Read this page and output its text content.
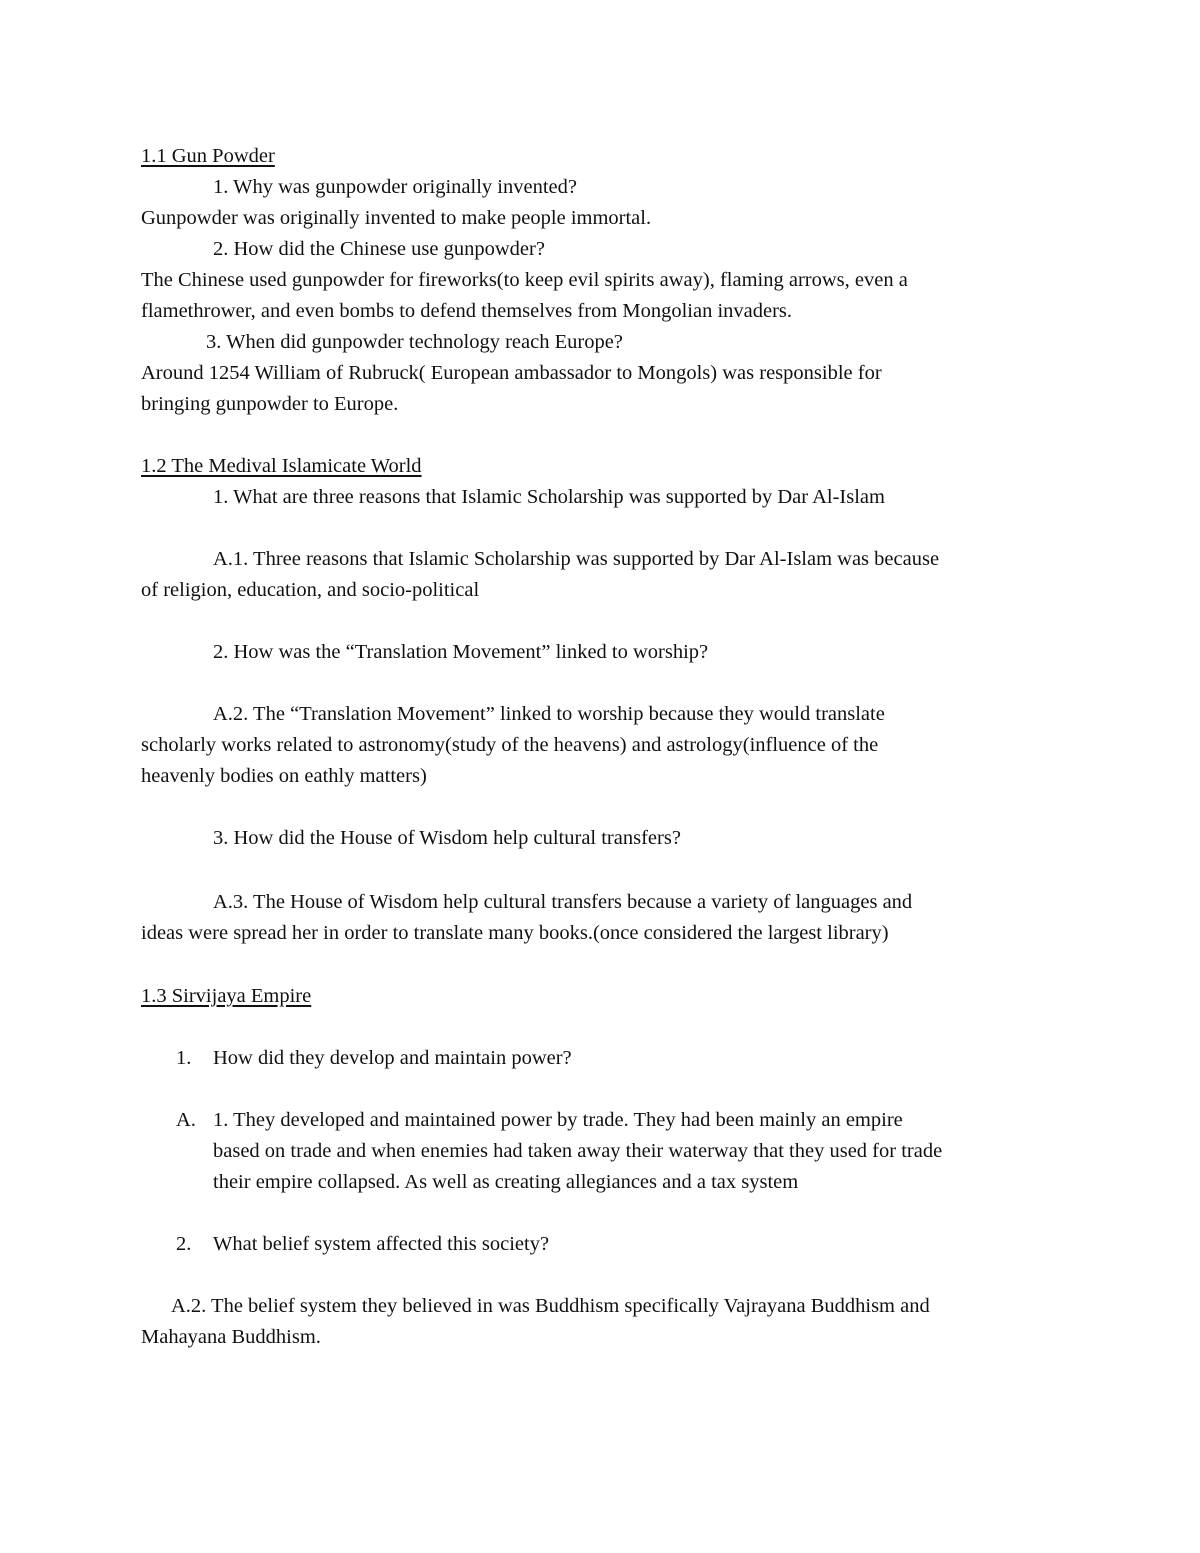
1.1 Gun Powder
1. Why was gunpowder originally invented?
Gunpowder was originally invented to make people immortal.
2. How did the Chinese use gunpowder?
The Chinese used gunpowder for fireworks(to keep evil spirits away), flaming arrows, even a
flamethrower, and even bombs to defend themselves from Mongolian invaders.
3. When did gunpowder technology reach Europe?
Around 1254 William of Rubruck( European ambassador to Mongols) was responsible for
bringing gunpowder to Europe.
1.2 The Medival Islamicate World
1. What are three reasons that Islamic Scholarship was supported by Dar Al-Islam
A.1. Three reasons that Islamic Scholarship was supported by Dar Al-Islam was because
of religion, education, and socio-political
2. How was the “Translation Movement” linked to worship?
A.2. The “Translation Movement” linked to worship because they would translate
scholarly works related to astronomy(study of the heavens) and astrology(influence of the
heavenly bodies on eathly matters)
3. How did the House of Wisdom help cultural transfers?
A.3. The House of Wisdom help cultural transfers because a variety of languages and
ideas were spread her in order to translate many books.(once considered the largest library)
1.3 Sirvijaya Empire
1. How did they develop and maintain power?
A. 1. They developed and maintained power by trade. They had been mainly an empire
based on trade and when enemies had taken away their waterway that they used for trade
their empire collapsed. As well as creating allegiances and a tax system
2. What belief system affected this society?
A.2. The belief system they believed in was Buddhism specifically Vajrayana Buddhism and
Mahayana Buddhism.
